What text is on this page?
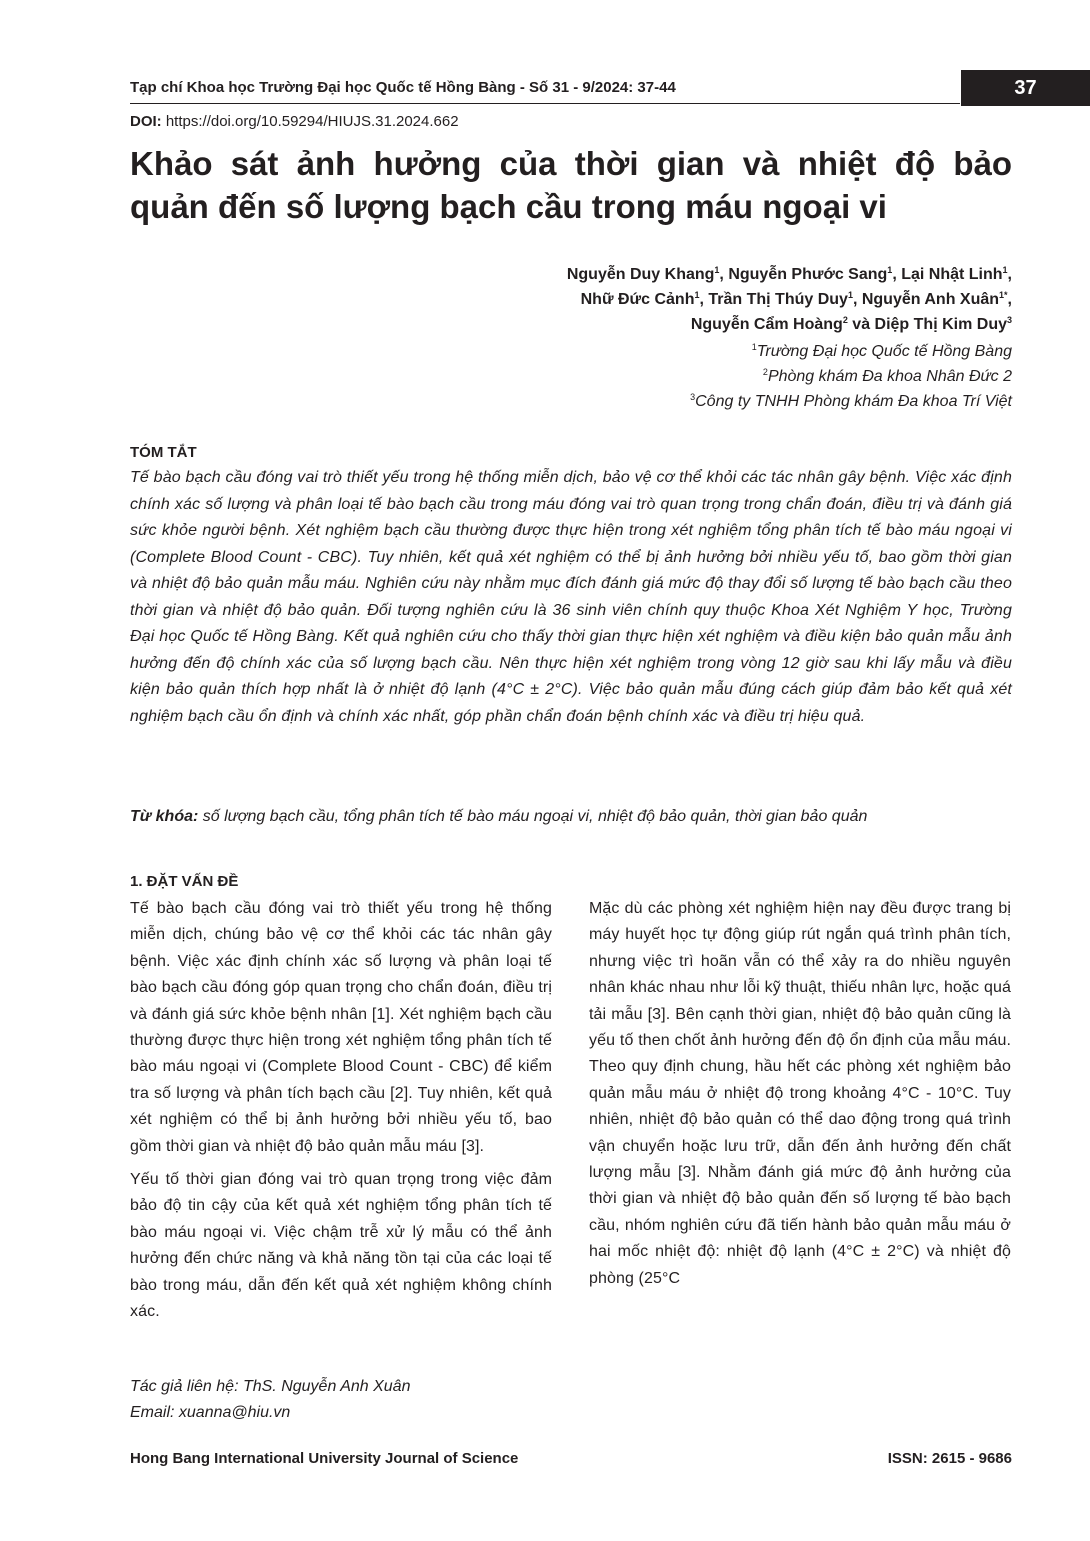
Tạp chí Khoa học Trường Đại học Quốc tế Hồng Bàng - Số 31 - 9/2024: 37-44	37
DOI: https://doi.org/10.59294/HIUJS.31.2024.662
Khảo sát ảnh hưởng của thời gian và nhiệt độ bảo
quản đến số lượng bạch cầu trong máu ngoại vi
Nguyễn Duy Khang$^1$, Nguyễn Phước Sang$^1$, Lại Nhật Linh$^1$,
Nhữ Đức Cảnh$^1$, Trần Thị Thúy Duy$^1$, Nguyễn Anh Xuân$^{1*}$,
Nguyễn Cẩm Hoàng$^2$ và Diệp Thị Kim Duy$^3$
$^1$Trường Đại học Quốc tế Hồng Bàng
$^2$Phòng khám Đa khoa Nhân Đức 2
$^3$Công ty TNHH Phòng khám Đa khoa Trí Việt
TÓM TẮT
Tế bào bạch cầu đóng vai trò thiết yếu trong hệ thống miễn dịch, bảo vệ cơ thể khỏi các tác nhân gây bệnh. Việc xác định chính xác số lượng và phân loại tế bào bạch cầu trong máu đóng vai trò quan trọng trong chẩn đoán, điều trị và đánh giá sức khỏe người bệnh. Xét nghiệm bạch cầu thường được thực hiện trong xét nghiệm tổng phân tích tế bào máu ngoại vi (Complete Blood Count - CBC). Tuy nhiên, kết quả xét nghiệm có thể bị ảnh hưởng bởi nhiều yếu tố, bao gồm thời gian và nhiệt độ bảo quản mẫu máu. Nghiên cứu này nhằm mục đích đánh giá mức độ thay đổi số lượng tế bào bạch cầu theo thời gian và nhiệt độ bảo quản. Đối tượng nghiên cứu là 36 sinh viên chính quy thuộc Khoa Xét Nghiệm Y học, Trường Đại học Quốc tế Hồng Bàng. Kết quả nghiên cứu cho thấy thời gian thực hiện xét nghiệm và điều kiện bảo quản mẫu ảnh hưởng đến độ chính xác của số lượng bạch cầu. Nên thực hiện xét nghiệm trong vòng 12 giờ sau khi lấy mẫu và điều kiện bảo quản thích hợp nhất là ở nhiệt độ lạnh (4°C ± 2°C). Việc bảo quản mẫu đúng cách giúp đảm bảo kết quả xét nghiệm bạch cầu ổn định và chính xác nhất, góp phần chẩn đoán bệnh chính xác và điều trị hiệu quả.
Từ khóa: số lượng bạch cầu, tổng phân tích tế bào máu ngoại vi, nhiệt độ bảo quản, thời gian bảo quản
1. ĐẶT VẤN ĐỀ

Tế bào bạch cầu đóng vai trò thiết yếu trong hệ thống miễn dịch, chúng bảo vệ cơ thể khỏi các tác nhân gây bệnh. Việc xác định chính xác số lượng và phân loại tế bào bạch cầu đóng góp quan trọng cho chẩn đoán, điều trị và đánh giá sức khỏe bệnh nhân [1]. Xét nghiệm bạch cầu thường được thực hiện trong xét nghiệm tổng phân tích tế bào máu ngoại vi (Complete Blood Count - CBC) để kiểm tra số lượng và phân tích bạch cầu [2]. Tuy nhiên, kết quả xét nghiệm có thể bị ảnh hưởng bởi nhiều yếu tố, bao gồm thời gian và nhiệt độ bảo quản mẫu máu [3].

Yếu tố thời gian đóng vai trò quan trọng trong việc đảm bảo độ tin cậy của kết quả xét nghiệm tổng phân tích tế bào máu ngoại vi. Việc chậm trễ xử lý mẫu có thể ảnh hưởng đến chức năng và khả năng tồn tại của các loại tế bào trong máu, dẫn đến kết quả xét nghiệm không chính xác.

Mặc dù các phòng xét nghiệm hiện nay đều được trang bị máy huyết học tự động giúp rút ngắn quá trình phân tích, nhưng việc trì hoãn vẫn có thể xảy ra do nhiều nguyên nhân khác nhau như lỗi kỹ thuật, thiếu nhân lực, hoặc quá tải mẫu [3]. Bên cạnh thời gian, nhiệt độ bảo quản cũng là yếu tố then chốt ảnh hưởng đến độ ổn định của mẫu máu. Theo quy định chung, hầu hết các phòng xét nghiệm bảo quản mẫu máu ở nhiệt độ trong khoảng 4°C - 10°C. Tuy nhiên, nhiệt độ bảo quản có thể dao động trong quá trình vận chuyển hoặc lưu trữ, dẫn đến ảnh hưởng đến chất lượng mẫu [3]. Nhằm đánh giá mức độ ảnh hưởng của thời gian và nhiệt độ bảo quản đến số lượng tế bào bạch cầu, nhóm nghiên cứu đã tiến hành bảo quản mẫu máu ở hai mốc nhiệt độ: nhiệt độ lạnh (4°C ± 2°C) và nhiệt độ phòng (25°C

Tác giả liên hệ: ThS. Nguyễn Anh Xuân
Email: xuanna@hiu.vn
Hong Bang International University Journal of Science	ISSN: 2615 - 9686
